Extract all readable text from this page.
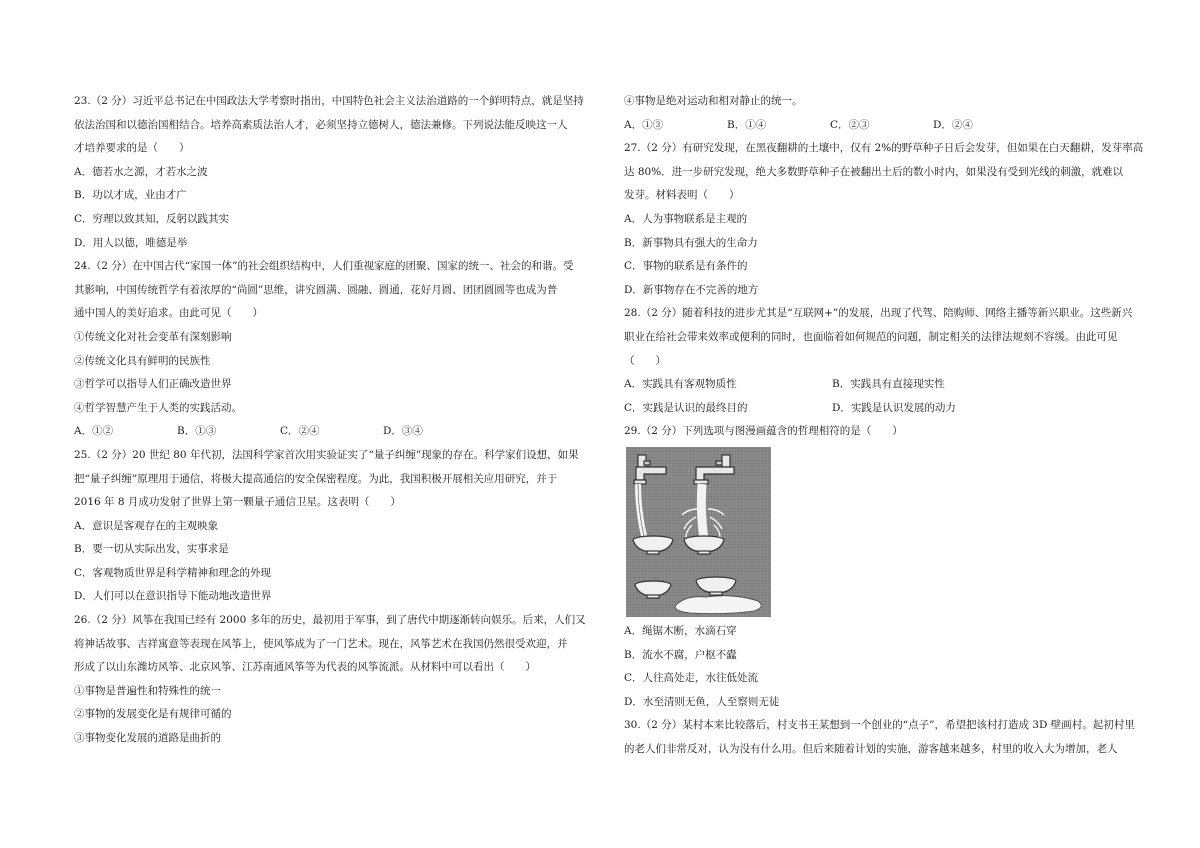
23.（2 分）习近平总书记在中国政法大学考察时指出，中国特色社会主义法治道路的一个鲜明特点，就是坚持
依法治国和以德治国相结合。培养高素质法治人才，必须坚持立德树人，德法兼修。下列说法能反映这一人
才培养要求的是（　　）
A．德若水之源，才若水之波
B．功以才成，业由才广
C．穷理以致其知，反躬以践其实
D．用人以德，唯德是举
24.（2 分）在中国古代“家国一体”的社会组织结构中，人们重视家庭的团聚、国家的统一、社会的和谐。受
其影响，中国传统哲学有着浓厚的“尚圆”思维，讲究圆满、圆融、圆通，花好月圆、团团圆圆等也成为普
通中国人的美好追求。由此可见（　　）
①传统文化对社会变革有深刻影响
②传统文化具有鲜明的民族性
③哲学可以指导人们正确改造世界
④哲学智慧产生于人类的实践活动。
A．①②	B．①③	C．②④	D．③④
25.（2 分）20 世纪 80 年代初，法国科学家首次用实验证实了“量子纠缠”现象的存在。科学家们设想，如果
把“量子纠缠”原理用于通信，将极大提高通信的安全保密程度。为此，我国积极开展相关应用研究，并于
2016 年 8 月成功发射了世界上第一颗量子通信卫星。这表明（　　）
A．意识是客观存在的主观映象
B．要一切从实际出发，实事求是
C．客观物质世界是科学精神和理念的外现
D．人们可以在意识指导下能动地改造世界
26.（2 分）风筝在我国已经有 2000 多年的历史，最初用于军事，到了唐代中期逐渐转向娱乐。后来，人们又
将神话故事、吉祥寓意等表现在风筝上，使风筝成为了一门艺术。现在，风筝艺术在我国仍然很受欢迎，并
形成了以山东潍坊风筝、北京风筝、江苏南通风筝等为代表的风筝流派。从材料中可以看出（　　）
①事物是普遍性和特殊性的统一
②事物的发展变化是有规律可循的
③事物变化发展的道路是曲折的
④事物是绝对运动和相对静止的统一。
A．①③	B．①④	C．②③	D．②④
27.（2 分）有研究发现，在黑夜翻耕的土壤中，仅有 2%的野草种子日后会发芽，但如果在白天翻耕，发芽率高
达 80%．进一步研究发现，绝大多数野草种子在被翻出土后的数小时内，如果没有受到光线的刺激，就难以
发芽。材料表明（　　）
A．人为事物联系是主观的
B．新事物具有强大的生命力
C．事物的联系是有条件的
D．新事物存在不完善的地方
28.（2 分）随着科技的进步尤其是“互联网+”的发展，出现了代驾、陪购师、网络主播等新兴职业。这些新兴
职业在给社会带来效率或便利的同时，也面临着如何规范的问题，制定相关的法律法规刻不容缓。由此可见
（　　）
A．实践具有客观物质性	B．实践具有直接现实性
C．实践是认识的最终目的	D．实践是认识发展的动力
29.（2 分）下列选项与图漫画蕴含的哲理相符的是（　　）
A．绳锯木断，水滴石穿
B．流水不腐，户枢不蠹
C．人往高处走，水往低处流
D．水至清则无鱼，人至察则无徒
30.（2 分）某村本来比较落后，村支书王某想到一个创业的“点子”，希望把该村打造成 3D 壁画村。起初村里
的老人们非常反对，认为没有什么用。但后来随着计划的实施，游客越来越多，村里的收入大为增加，老人
